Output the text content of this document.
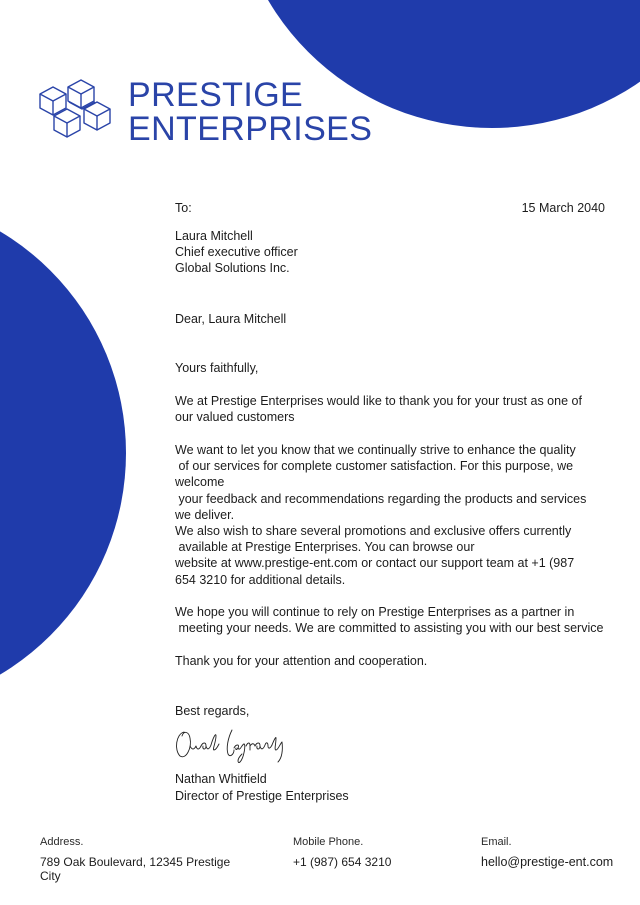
PRESTIGE
ENTERPRISES
To:	15 March 2040
Laura Mitchell
Chief executive officer
Global Solutions Inc.
Dear, Laura Mitchell
Yours faithfully,
We at Prestige Enterprises would like to thank you for your trust as one of
our valued customers
We want to let you know that we continually strive to enhance the quality
of our services for complete customer satisfaction. For this purpose, we
welcome
your feedback and recommendations regarding the products and services
we deliver.
We also wish to share several promotions and exclusive offers currently
available at Prestige Enterprises. You can browse our
website at www.prestige-ent.com or contact our support team at +1 (987
654 3210 for additional details.
We hope you will continue to rely on Prestige Enterprises as a partner in
meeting your needs. We are committed to assisting you with our best service
Thank you for your attention and cooperation.
Best regards,
Nathan Whitfield
Director of Prestige Enterprises
Address.
789 Oak Boulevard, 12345 Prestige
City
Mobile Phone.
+1 (987) 654 3210
Email.
hello@prestige-ent.com
